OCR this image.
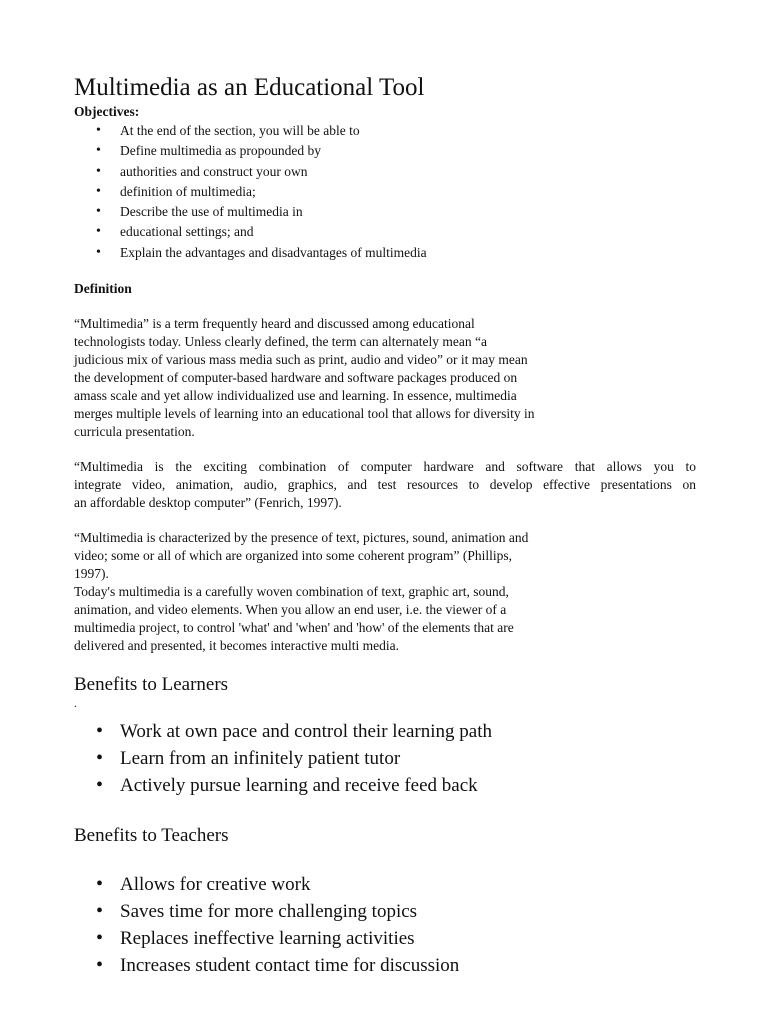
Multimedia as an Educational Tool
Objectives:
• At the end of the section, you will be able to
• Define multimedia as propounded by
• authorities and construct your own
• definition of multimedia;
• Describe the use of multimedia in
• educational settings; and
• Explain the advantages and disadvantages of multimedia
Definition
“Multimedia” is a term frequently heard and discussed among educational
technologists today. Unless clearly defined, the term can alternately mean “a
judicious mix of various mass media such as print, audio and video” or it may mean
the development of computer-based hardware and software packages produced on
amass scale and yet allow individualized use and learning. In essence, multimedia
merges multiple levels of learning into an educational tool that allows for diversity in
curricula presentation.
“Multimedia is the exciting combination of computer hardware and software that allows you to
integrate video, animation, audio, graphics, and test resources to develop effective presentations on
an affordable desktop computer” (Fenrich, 1997).
“Multimedia is characterized by the presence of text, pictures, sound, animation and
video; some or all of which are organized into some coherent program” (Phillips,
1997).
Today's multimedia is a carefully woven combination of text, graphic art, sound,
animation, and video elements. When you allow an end user, i.e. the viewer of a
multimedia project, to control 'what' and 'when' and 'how' of the elements that are
delivered and presented, it becomes interactive multi media.
Benefits to Learners
.
• Work at own pace and control their learning path
• Learn from an infinitely patient tutor
• Actively pursue learning and receive feed back
Benefits to Teachers
• Allows for creative work
• Saves time for more challenging topics
• Replaces ineffective learning activities
• Increases student contact time for discussion
